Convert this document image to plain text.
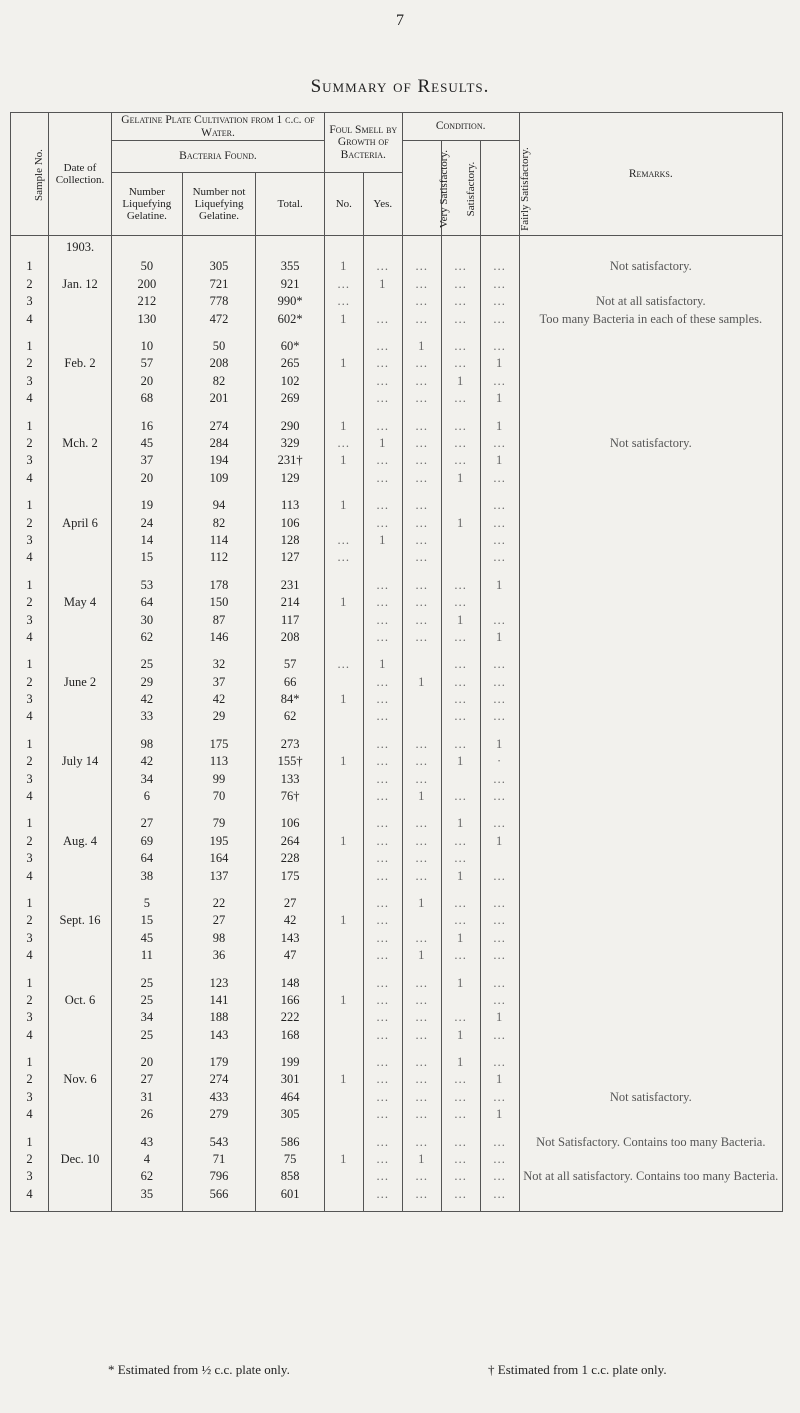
7
Summary of Results.
Sample No.	Date of Collection.	Gelatine Plate Cultivation from 1 c.c. of Water.			Foul Smell by Growth of Bacteria.		Condition.			Remarks.
		Bacteria Found.					Very Satisfactory.	Satisfactory.	Fairly Satisfactory.	
		Number Liquefying Gelatine.	Number not Liquefying Gelatine.	Total.	No.	Yes.				
	1903.									
1		50	305	355	1	…	…	…	…	Not satisfactory.
2	Jan. 12	200	721	921	…	1	…	…	…	
3		212	778	990*	…		…	…	…	Not at all satisfactory.
4		130	472	602*	1	…	…	…	…	Too many Bacteria in each of these samples.

1		10	50	60*		…	1	…	…	
2	Feb. 2	57	208	265	1	…	…	…	1	
3		20	82	102		…	…	1	…	
4		68	201	269		…	…	…	1	

1		16	274	290	1	…	…	…	1	
2	Mch. 2	45	284	329	…	1	…	…	…	Not satisfactory.
3		37	194	231†	1	…	…	…	1	
4		20	109	129		…	…	1	…	

1		19	94	113	1	…	…		…	
2	April 6	24	82	106		…	…	1	…	
3		14	114	128	…	1	…		…	
4		15	112	127	…		…		…	

1		53	178	231		…	…	…	1	
2	May 4	64	150	214	1	…	…	…		
3		30	87	117		…	…	1	…	
4		62	146	208		…	…	…	1	

1		25	32	57	…	1		…	…	
2	June 2	29	37	66		…	1	…	…	
3		42	42	84*	1	…		…	…	
4		33	29	62		…		…	…	

1		98	175	273		…	…	…	1	
2	July 14	42	113	155†	1	…	…	1	·	
3		34	99	133		…	…		…	
4		6	70	76†		…	1	…	…	

1		27	79	106		…	…	1	…	
2	Aug. 4	69	195	264	1	…	…	…	1	
3		64	164	228		…	…	…		
4		38	137	175		…	…	1	…	

1		5	22	27		…	1	…	…	
2	Sept. 16	15	27	42	1	…		…	…	
3		45	98	143		…	…	1	…	
4		11	36	47		…	1	…	…	

1		25	123	148		…	…	1	…	
2	Oct. 6	25	141	166	1	…	…		…	
3		34	188	222		…	…	…	1	
4		25	143	168		…	…	1	…	

1		20	179	199		…	…	1	…	
2	Nov. 6	27	274	301	1	…	…	…	1	
3		31	433	464		…	…	…	…	Not satisfactory.
4		26	279	305		…	…	…	1	

1		43	543	586		…	…	…	…	Not Satisfactory. Contains too many Bacteria.
2	Dec. 10	4	71	75	1	…	1	…	…	
3		62	796	858		…	…	…	…	Not at all satisfactory. Contains too many Bacteria.
4		35	566	601		…	…	…	…	

* Estimated from ½ c.c. plate only.	† Estimated from 1 c.c. plate only.
